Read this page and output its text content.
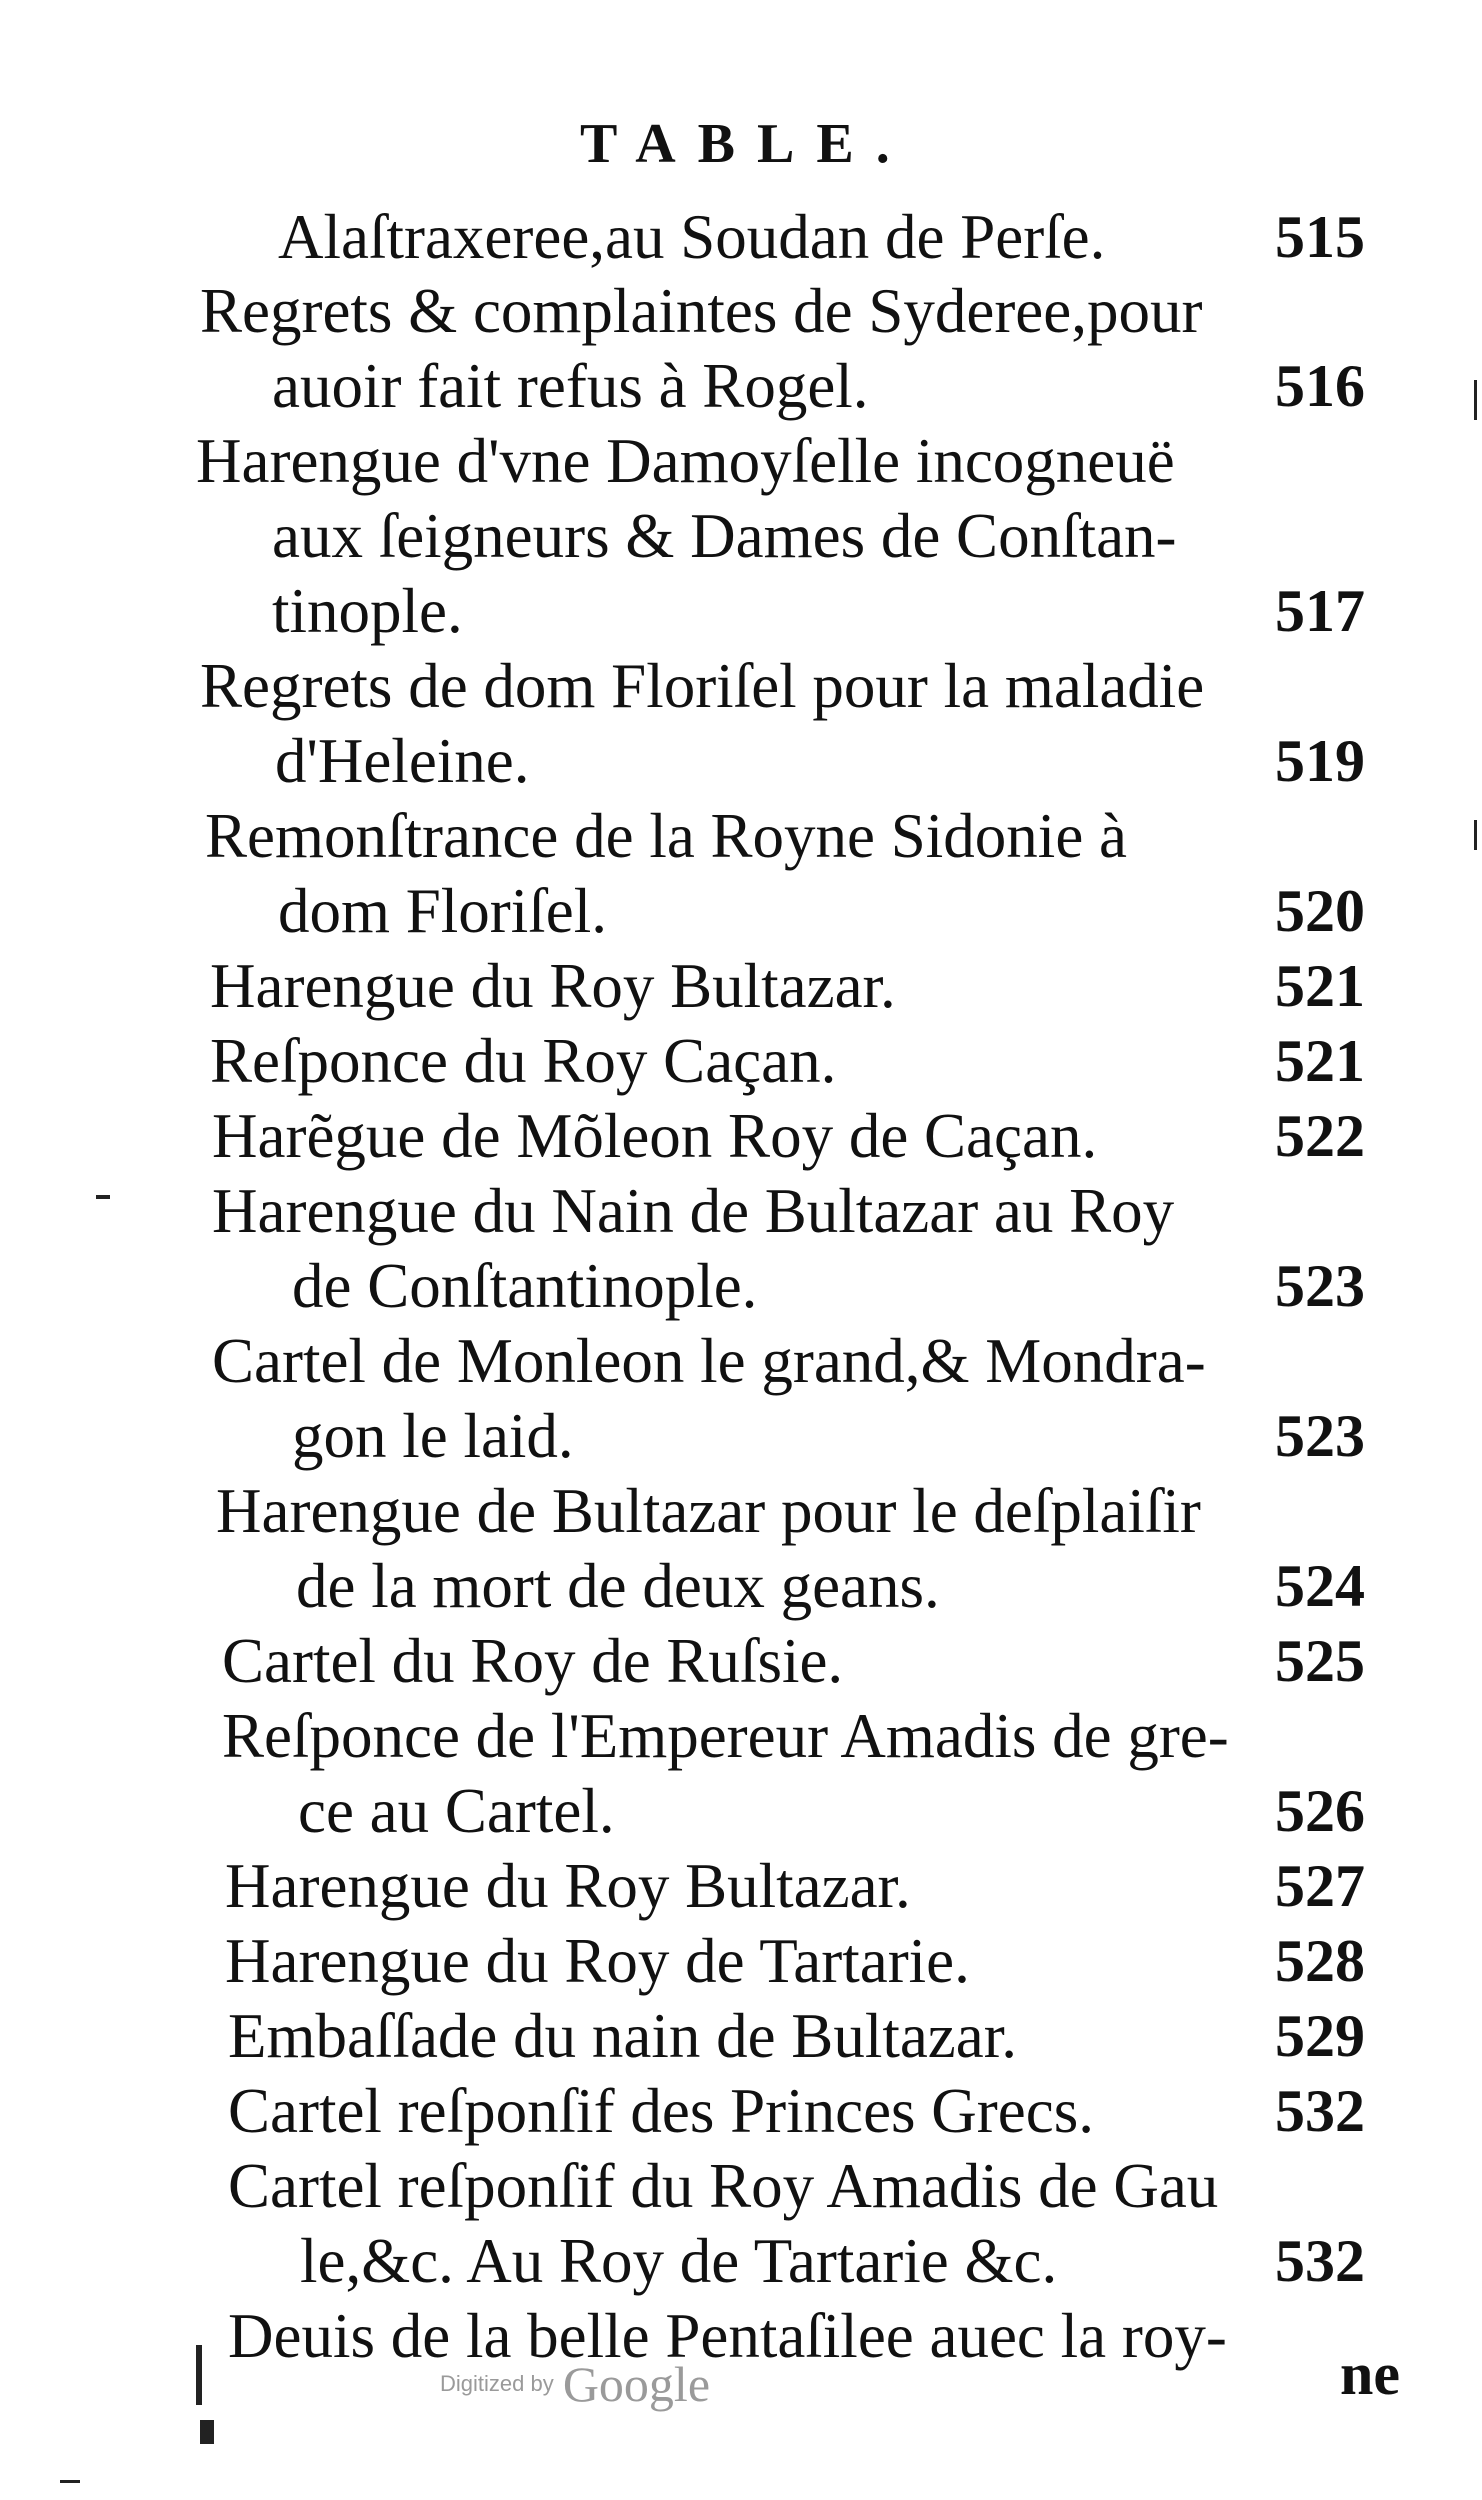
TABLE.
Alaſtraxeree,au Soudan de Perſe.	515
Regrets & complaintes de Syderee,pour
auoir fait refus à Rogel.	516
Harengue d'vne Damoyſelle incogneuë
aux ſeigneurs & Dames de Conſtan-
tinople.	517
Regrets de dom Floriſel pour la maladie
d'Heleine.	519
Remonſtrance de la Royne Sidonie à
dom Floriſel.	520
Harengue du Roy Bultazar.	521
Reſponce du Roy Caçan.	521
Harẽgue de Mõleon Roy de Caçan.	522
Harengue du Nain de Bultazar au Roy
de Conſtantinople.	523
Cartel de Monleon le grand,& Mondra-
gon le laid.	523
Harengue de Bultazar pour le deſplaiſir
de la mort de deux geans.	524
Cartel du Roy de Ruſsie.	525
Reſponce de l'Empereur Amadis de gre-
ce au Cartel.	526
Harengue du Roy Bultazar.	527
Harengue du Roy de Tartarie.	528
Embaſſade du nain de Bultazar.	529
Cartel reſponſif des Princes Grecs.	532
Cartel reſponſif du Roy Amadis de Gau
le,&c. Au Roy de Tartarie &c.	532
Deuis de la belle Pentaſilee auec la roy-
Digitized by Google	ne
